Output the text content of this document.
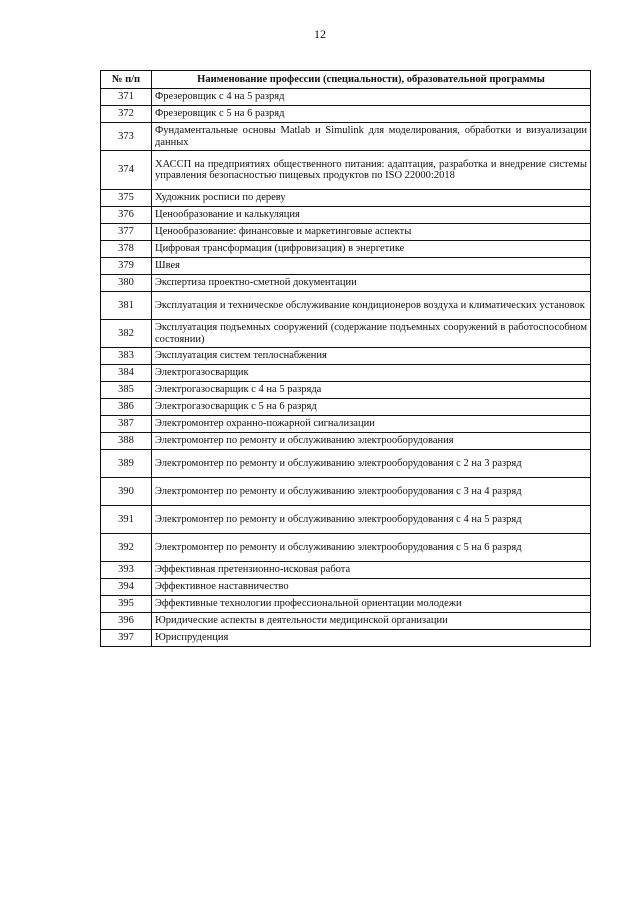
12
№ п/п	Наименование профессии (специальности), образовательной программы
371	Фрезеровщик с 4 на 5 разряд
372	Фрезеровщик с 5 на 6 разряд
373	Фундаментальные основы Matlab и Simulink для моделирования, обработки и визуализации данных
374	ХАССП на предприятиях общественного питания: адаптация, разработка и внедрение системы управления безопасностью пищевых продуктов по ISO 22000:2018
375	Художник росписи по дереву
376	Ценообразование и калькуляция
377	Ценообразование: финансовые и маркетинговые аспекты
378	Цифровая трансформация (цифровизация) в энергетике
379	Швея
380	Экспертиза проектно-сметной документации
381	Эксплуатация и техническое обслуживание кондиционеров воздуха и климатических установок
382	Эксплуатация подъемных сооружений (содержание подъемных сооружений в работоспособном состоянии)
383	Эксплуатация систем теплоснабжения
384	Электрогазосварщик
385	Электрогазосварщик с 4 на 5 разряда
386	Электрогазосварщик с 5 на 6 разряд
387	Электромонтер охранно-пожарной сигнализации
388	Электромонтер по ремонту и обслуживанию электрооборудования
389	Электромонтер по ремонту и обслуживанию электрооборудования с 2 на 3 разряд
390	Электромонтер по ремонту и обслуживанию электрооборудования с 3 на 4 разряд
391	Электромонтер по ремонту и обслуживанию электрооборудования с 4 на 5 разряд
392	Электромонтер по ремонту и обслуживанию электрооборудования с 5 на 6 разряд
393	Эффективная претензионно-исковая работа
394	Эффективное наставничество
395	Эффективные технологии профессиональной ориентации молодежи
396	Юридические аспекты в деятельности медицинской организации
397	Юриспруденция
